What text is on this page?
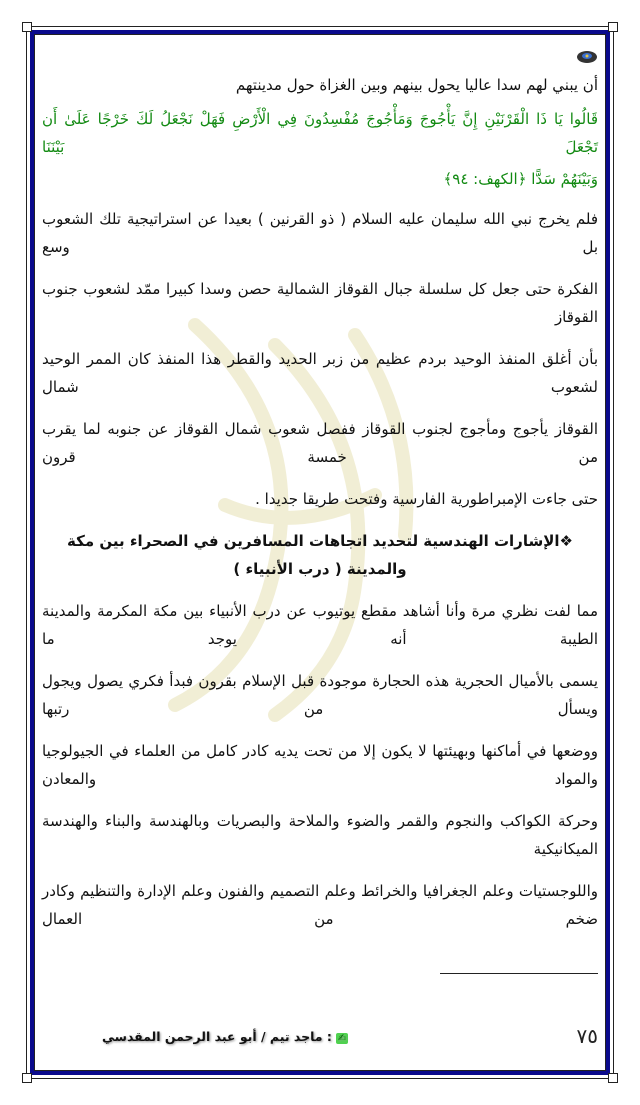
أن يبني لهم سدا عاليا يحول بينهم وبين الغزاة حول مدينتهم
قَالُوا يَا ذَا الْقَرْنَيْنِ إِنَّ يَأْجُوجَ وَمَأْجُوجَ مُفْسِدُونَ فِي الْأَرْضِ فَهَلْ نَجْعَلُ لَكَ خَرْجًا عَلَىٰ أَن تَجْعَلَ بَيْنَنَا
وَبَيْنَهُمْ سَدًّا ﴿الكهف: ٩٤﴾
فلم يخرج نبي الله سليمان عليه السلام ( ذو القرنين ) بعيدا عن استراتيجية تلك الشعوب بل وسع
الفكرة حتى جعل كل سلسلة جبال القوقاز الشمالية حصن وسدا كبيرا ممّد لشعوب جنوب القوقاز
بأن أغلق المنفذ الوحيد بردم عظيم من زبر الحديد والقطر هذا المنفذ كان الممر الوحيد لشعوب شمال
القوقاز يأجوج ومأجوج لجنوب القوقاز ففصل شعوب شمال القوقاز عن جنوبه لما يقرب من خمسة قرون
حتى جاءت الإمبراطورية الفارسية وفتحت طريقا جديدا .
❖الإشارات الهندسية لتحديد اتجاهات المسافرين في الصحراء بين مكة والمدينة ( درب الأنبياء )
مما لفت نظري مرة وأنا أشاهد مقطع يوتيوب عن درب الأنبياء بين مكة المكرمة والمدينة الطيبة أنه يوجد ما
يسمى بالأميال الحجرية هذه الحجارة موجودة قبل الإسلام بقرون فبدأ فكري يصول ويجول ويسأل من رتبها
ووضعها في أماكنها وبهيئتها لا يكون إلا من تحت يديه كادر كامل من العلماء في الجيولوجيا والمواد والمعادن
وحركة الكواكب والنجوم والقمر والضوء والملاحة والبصريات وبالهندسة والبناء والهندسة الميكانيكية
واللوجستيات وعلم الجغرافيا والخرائط وعلم التصميم والفنون وعلم الإدارة والتنظيم وكادر ضخم من العمال
٧٥
✍: ماجد تيم / أبو عبد الرحمن المقدسي
